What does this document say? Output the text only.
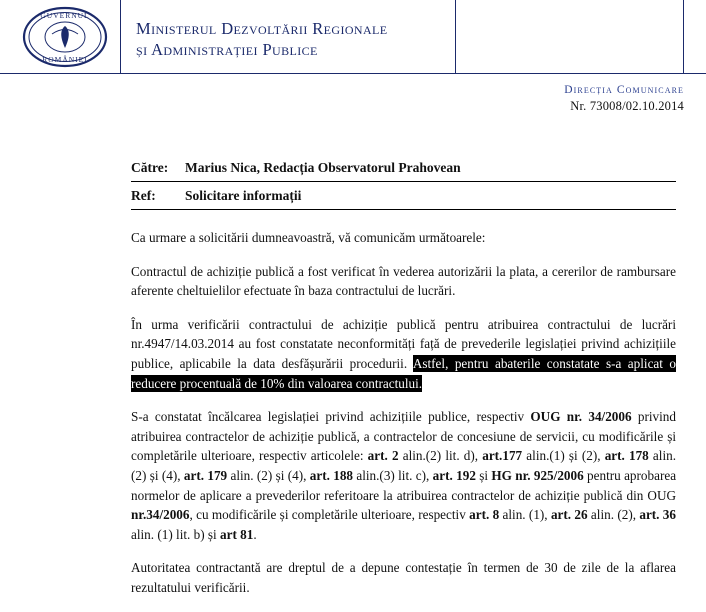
GUVERNUL
ROMÂNIEI
Ministerul Dezvoltării Regionale
și Administrației Publice
Direcția Comunicare
Nr. 73008/02.10.2014
Către: Marius Nica, Redacția Observatorul Prahovean
Ref: Solicitare informații

Ca urmare a solicitării dumneavoastră, vă comunicăm următoarele:

Contractul de achiziție publică a fost verificat în vederea autorizării la plata, a cererilor de rambursare aferente cheltuielilor efectuate în baza contractului de lucrări.

În urma verificării contractului de achiziție publică pentru atribuirea contractului de lucrări nr.4947/14.03.2014 au fost constatate neconformități față de prevederile legislației privind achizițiile publice, aplicabile la data desfășurării procedurii. Astfel, pentru abaterile constatate s-a aplicat o reducere procentuală de 10% din valoarea contractului.

S-a constatat încălcarea legislației privind achizițiile publice, respectiv OUG nr. 34/2006 privind atribuirea contractelor de achiziție publică, a contractelor de concesiune de servicii, cu modificările și completările ulterioare, respectiv articolele: art. 2 alin.(2) lit. d), art.177 alin.(1) și (2), art. 178 alin. (2) și (4), art. 179 alin. (2) și (4), art. 188 alin.(3) lit. c), art. 192 și HG nr. 925/2006 pentru aprobarea normelor de aplicare a prevederilor referitoare la atribuirea contractelor de achiziție publică din OUG nr.34/2006, cu modificările și completările ulterioare, respectiv art. 8 alin. (1), art. 26 alin. (2), art. 36 alin. (1) lit. b) și art 81.

Autoritatea contractantă are dreptul de a depune contestație în termen de 30 de zile de la aflarea rezultatului verificării.
